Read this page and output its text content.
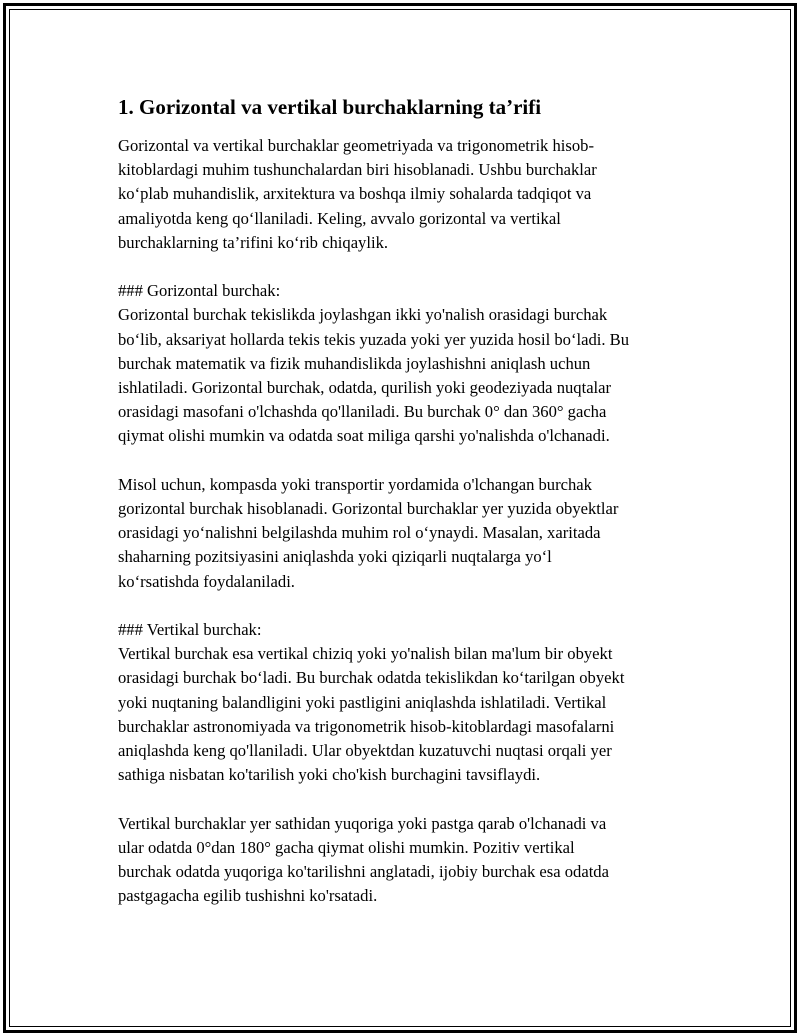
1. Gorizontal va vertikal burchaklarning ta’rifi

Gorizontal va vertikal burchaklar geometriyada va trigonometrik hisob-
kitoblardagi muhim tushunchalardan biri hisoblanadi. Ushbu burchaklar
ko‘plab muhandislik, arxitektura va boshqa ilmiy sohalarda tadqiqot va
amaliyotda keng qo‘llaniladi. Keling, avvalo gorizontal va vertikal
burchaklarning ta’rifini ko‘rib chiqaylik.

### Gorizontal burchak:
Gorizontal burchak tekislikda joylashgan ikki yo'nalish orasidagi burchak
bo‘lib, aksariyat hollarda tekis tekis yuzada yoki yer yuzida hosil bo‘ladi. Bu
burchak matematik va fizik muhandislikda joylashishni aniqlash uchun
ishlatiladi. Gorizontal burchak, odatda, qurilish yoki geodeziyada nuqtalar
orasidagi masofani o'lchashda qo'llaniladi. Bu burchak 0° dan 360° gacha
qiymat olishi mumkin va odatda soat miliga qarshi yo'nalishda o'lchanadi.

Misol uchun, kompasda yoki transportir yordamida o'lchangan burchak
gorizontal burchak hisoblanadi. Gorizontal burchaklar yer yuzida obyektlar
orasidagi yo‘nalishni belgilashda muhim rol o‘ynaydi. Masalan, xaritada
shaharning pozitsiyasini aniqlashda yoki qiziqarli nuqtalarga yo‘l
ko‘rsatishda foydalaniladi.

### Vertikal burchak:
Vertikal burchak esa vertikal chiziq yoki yo'nalish bilan ma'lum bir obyekt
orasidagi burchak bo‘ladi. Bu burchak odatda tekislikdan ko‘tarilgan obyekt
yoki nuqtaning balandligini yoki pastligini aniqlashda ishlatiladi. Vertikal
burchaklar astronomiyada va trigonometrik hisob-kitoblardagi masofalarni
aniqlashda keng qo'llaniladi. Ular obyektdan kuzatuvchi nuqtasi orqali yer
sathiga nisbatan ko'tarilish yoki cho'kish burchagini tavsiflaydi.

Vertikal burchaklar yer sathidan yuqoriga yoki pastga qarab o'lchanadi va
ular odatda 0°dan 180° gacha qiymat olishi mumkin. Pozitiv vertikal
burchak odatda yuqoriga ko'tarilishni anglatadi, ijobiy burchak esa odatda
pastgagacha egilib tushishni ko'rsatadi.
